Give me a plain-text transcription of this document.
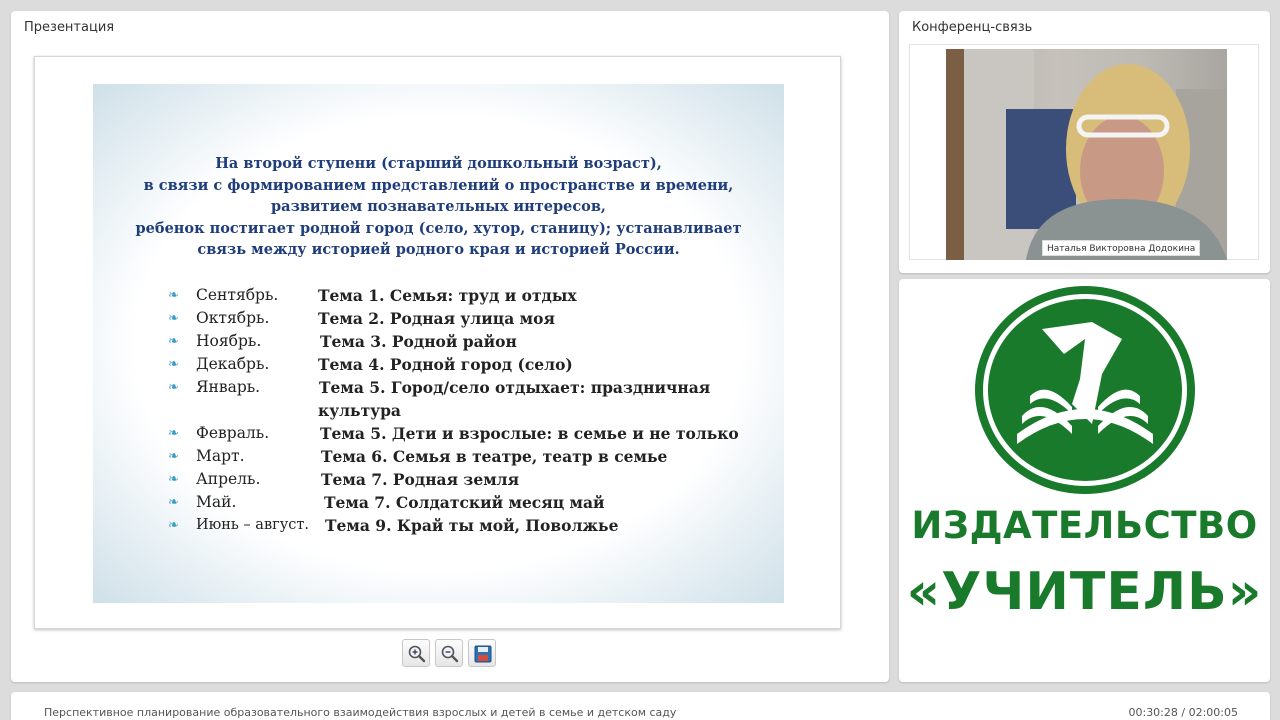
Презентация
На второй ступени (старший дошкольный возраст),
в связи с формированием представлений о пространстве и времени,
развитием познавательных интересов,
ребенок постигает родной город (село, хутор, станицу); устанавливает
связь между историей родного края и историей России.
❧	Сентябрь.	Тема 1. Семья: труд и отдых
❧	Октябрь.	Тема 2. Родная улица моя
❧	Ноябрь.	Тема 3. Родной район
❧	Декабрь.	Тема 4. Родной город (село)
❧	Январь.	Тема 5. Город/село отдыхает: праздничная
культура
❧	Февраль.	Тема 5. Дети и взрослые: в семье и не только
❧	Март.	Тема 6. Семья в театре, театр в семье
❧	Апрель.	Тема 7. Родная земля
❧	Май.	Тема 7. Солдатский месяц май
❧	Июнь – август. Тема 9. Край ты мой, Поволжье
Конференц-связь
Наталья Викторовна Додокина
ИЗДАТЕЛЬСТВО
«УЧИТЕЛЬ»
Перспективное планирование образовательного взаимодействия взрослых и детей в семье и детском саду	00:30:28 / 02:00:05
